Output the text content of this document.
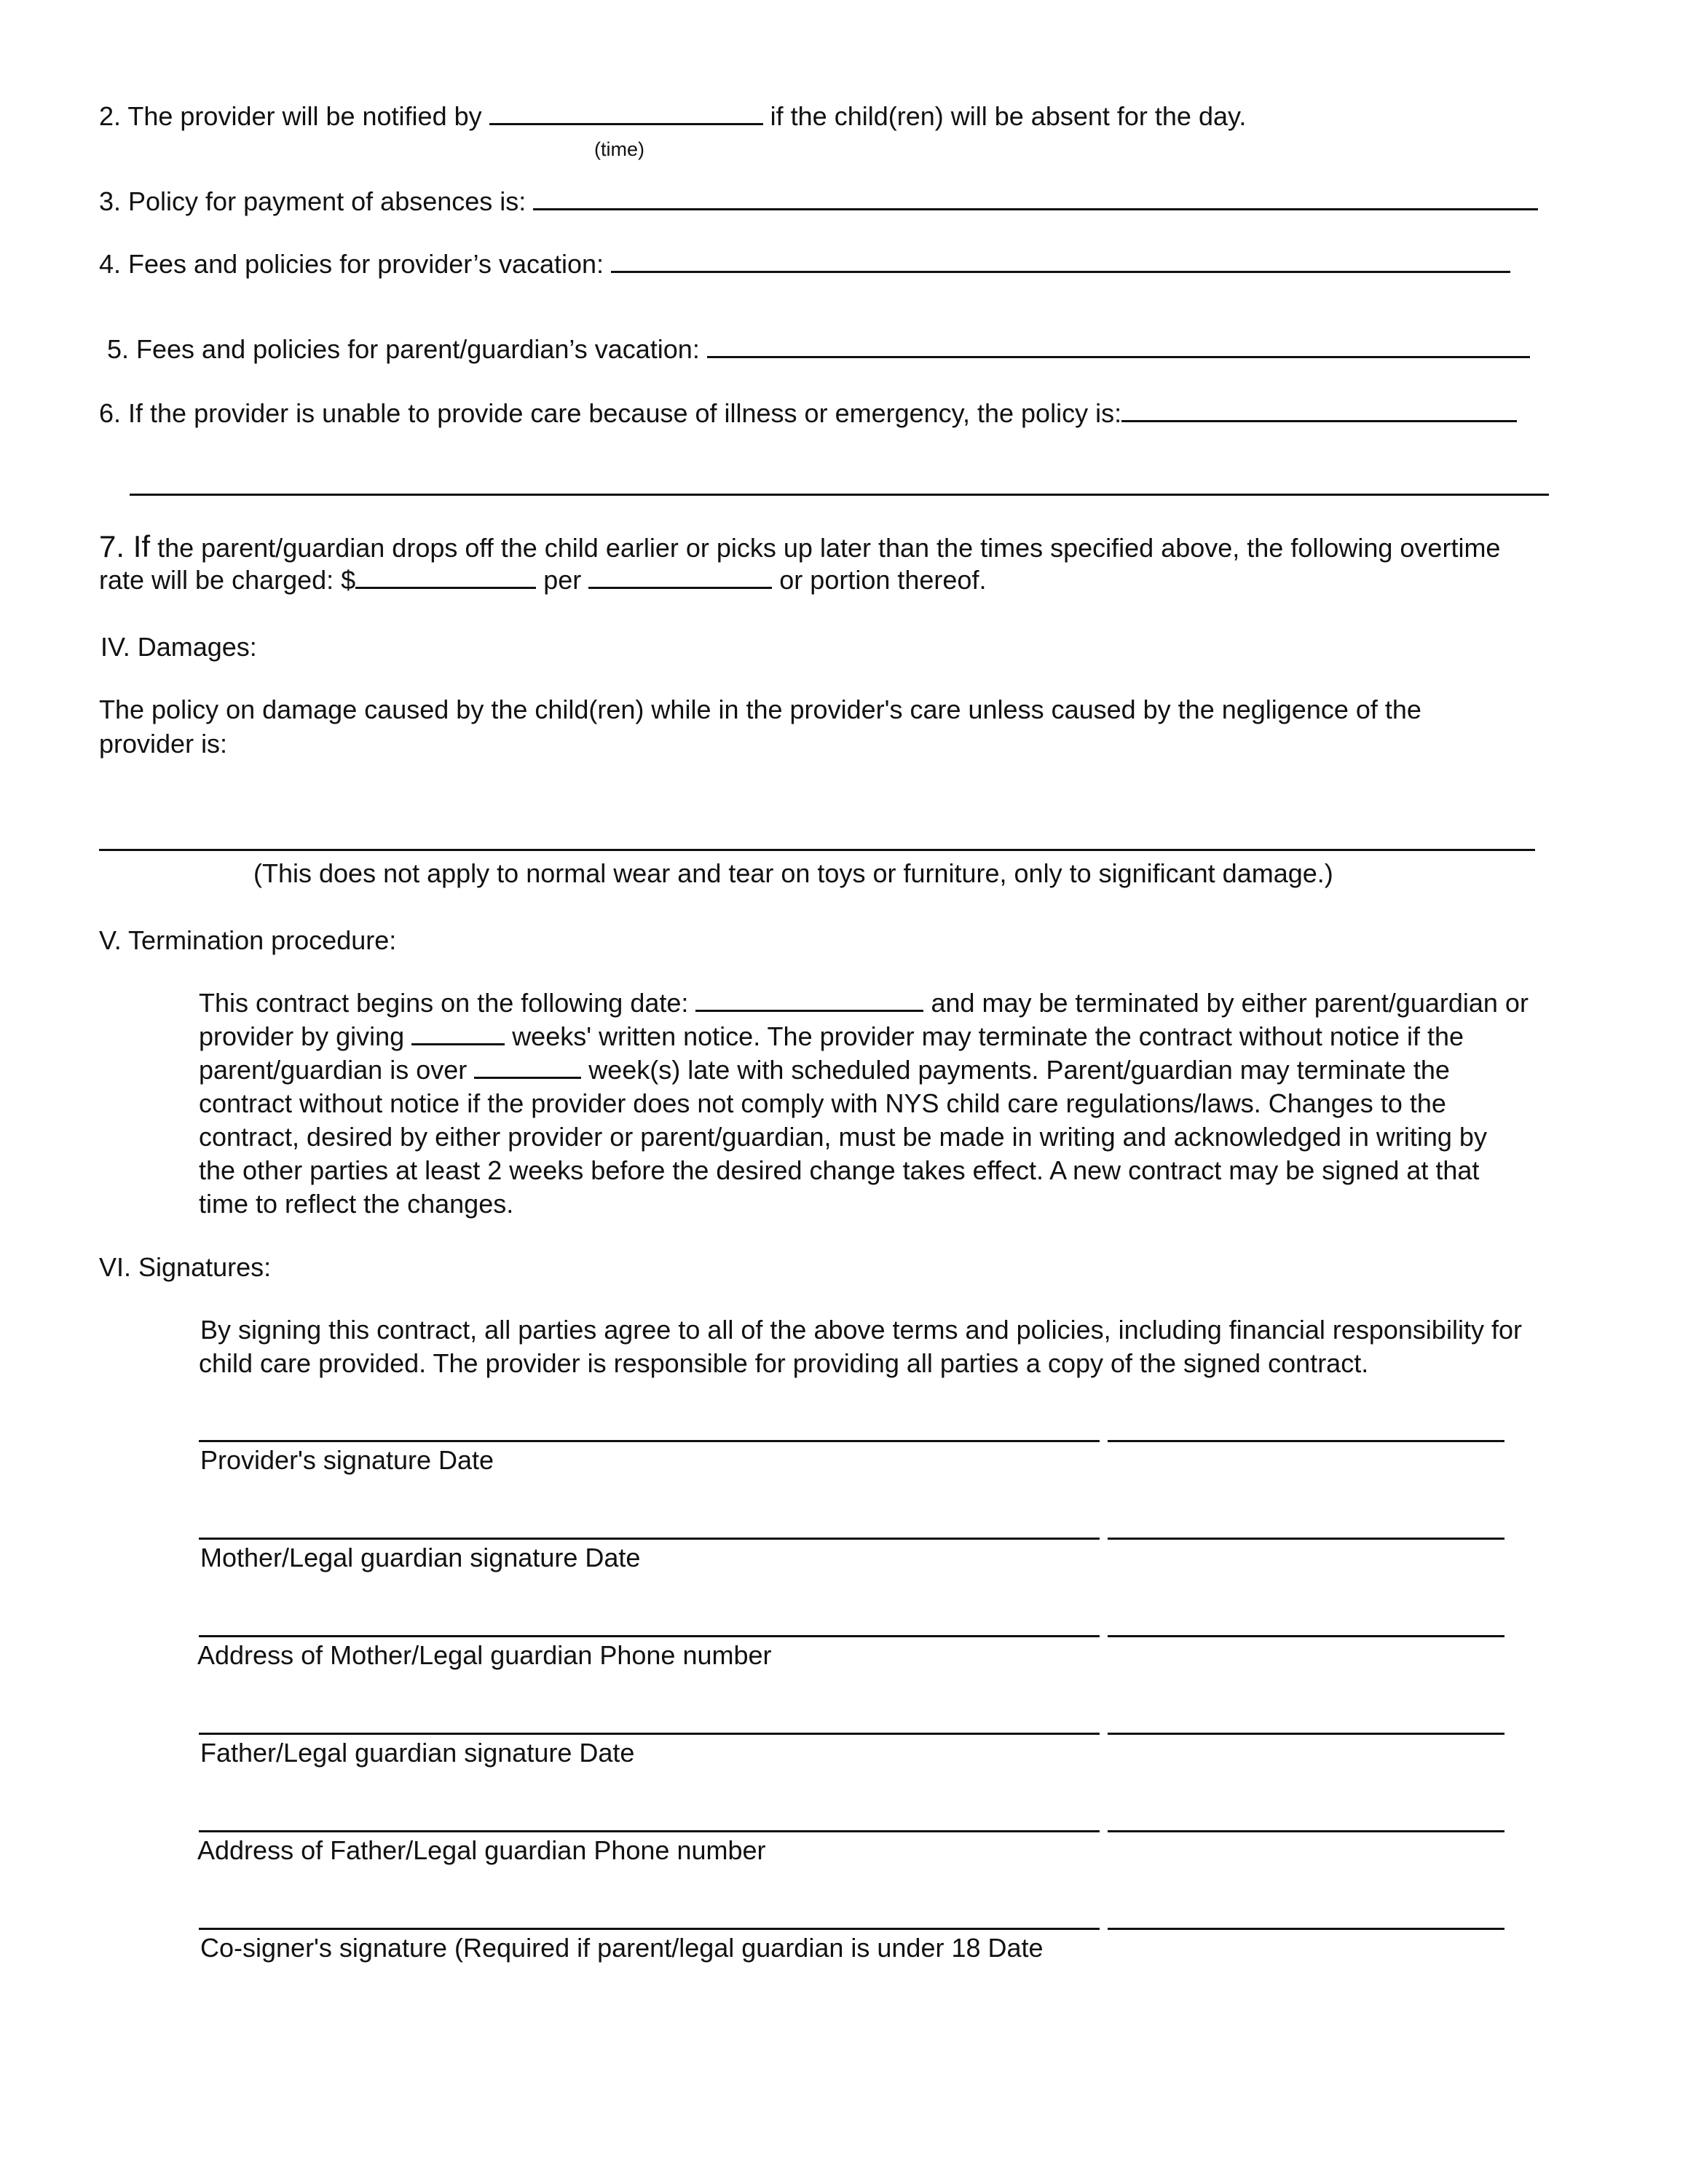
2. The provider will be notified by	if the child(ren) will be absent for the day.
(time)
3. Policy for payment of absences is:
4. Fees and policies for provider’s vacation:
5. Fees and policies for parent/guardian’s vacation:
6. If the provider is unable to provide care because of illness or emergency, the policy is:
7. If the parent/guardian drops off the child earlier or picks up later than the times specified above, the following overtime
rate will be charged: $	per	or portion thereof.
IV. Damages:
The policy on damage caused by the child(ren) while in the provider's care unless caused by the negligence of the
provider is:
(This does not apply to normal wear and tear on toys or furniture, only to significant damage.)
V. Termination procedure:
This contract begins on the following date:	and may be terminated by either parent/guardian or
provider by giving	weeks' written notice. The provider may terminate the contract without notice if the
parent/guardian is over	week(s) late with scheduled payments. Parent/guardian may terminate the
contract without notice if the provider does not comply with NYS child care regulations/laws. Changes to the
contract, desired by either provider or parent/guardian, must be made in writing and acknowledged in writing by
the other parties at least 2 weeks before the desired change takes effect. A new contract may be signed at that
time to reflect the changes.
VI. Signatures:
By signing this contract, all parties agree to all of the above terms and policies, including financial responsibility for
child care provided. The provider is responsible for providing all parties a copy of the signed contract.
Provider's signature Date
Mother/Legal guardian signature Date
Address of Mother/Legal guardian Phone number
Father/Legal guardian signature Date
Address of Father/Legal guardian Phone number
Co-signer's signature (Required if parent/legal guardian is under 18 Date
